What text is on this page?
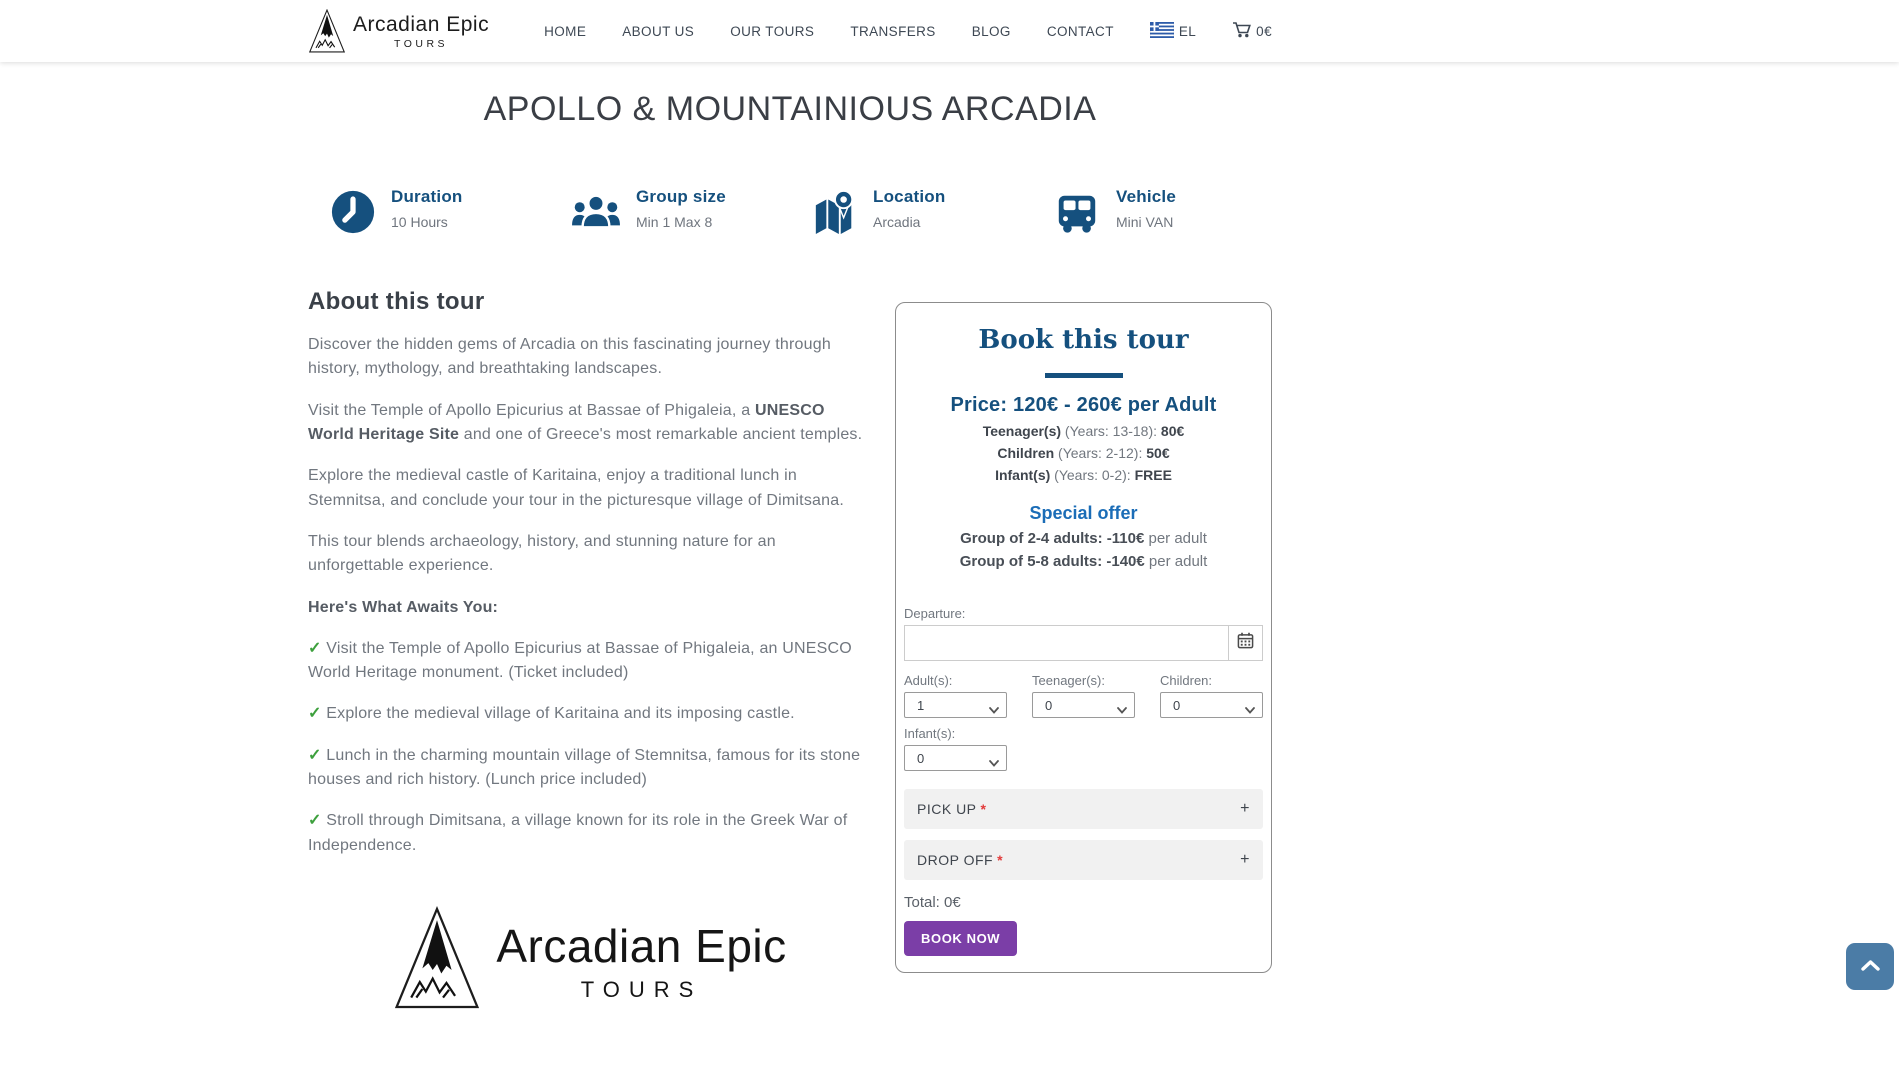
Arcadian Epic
TOURS
HOME	ABOUT US	OUR TOURS	TRANSFERS	BLOG	CONTACT	EL	0€
APOLLO & MOUNTAINIOUS ARCADIA
Duration
10 Hours
Group size
Min 1 Max 8
Location
Arcadia
Vehicle
Mini VAN
About this tour

Discover the hidden gems of Arcadia on this fascinating journey through history, mythology, and breathtaking landscapes.

Visit the Temple of Apollo Epicurius at Bassae of Phigaleia, a UNESCO World Heritage Site and one of Greece's most remarkable ancient temples.

Explore the medieval castle of Karitaina, enjoy a traditional lunch in Stemnitsa, and conclude your tour in the picturesque village of Dimitsana.

This tour blends archaeology, history, and stunning nature for an unforgettable experience.

Here's What Awaits You:

✓ Visit the Temple of Apollo Epicurius at Bassae of Phigaleia, an UNESCO World Heritage monument. (Ticket included)

✓ Explore the medieval village of Karitaina and its imposing castle.

✓ Lunch in the charming mountain village of Stemnitsa, famous for its stone houses and rich history. (Lunch price included)

✓ Stroll through Dimitsana, a village known for its role in the Greek War of Independence.

Arcadian Epic
TOURS
Book this tour
Price: 120€ - 260€ per Adult
Teenager(s) (Years: 13-18): 80€
Children (Years: 2-12): 50€
Infant(s) (Years: 0-2): FREE
Special offer
Group of 2-4 adults: -110€ per adult
Group of 5-8 adults: -140€ per adult
Departure:
Adult(s):
1	Teenager(s):
0	Children:
0
Infant(s):
0
PICK UP *	+
DROP OFF *	+
Total: 0€
BOOK NOW
